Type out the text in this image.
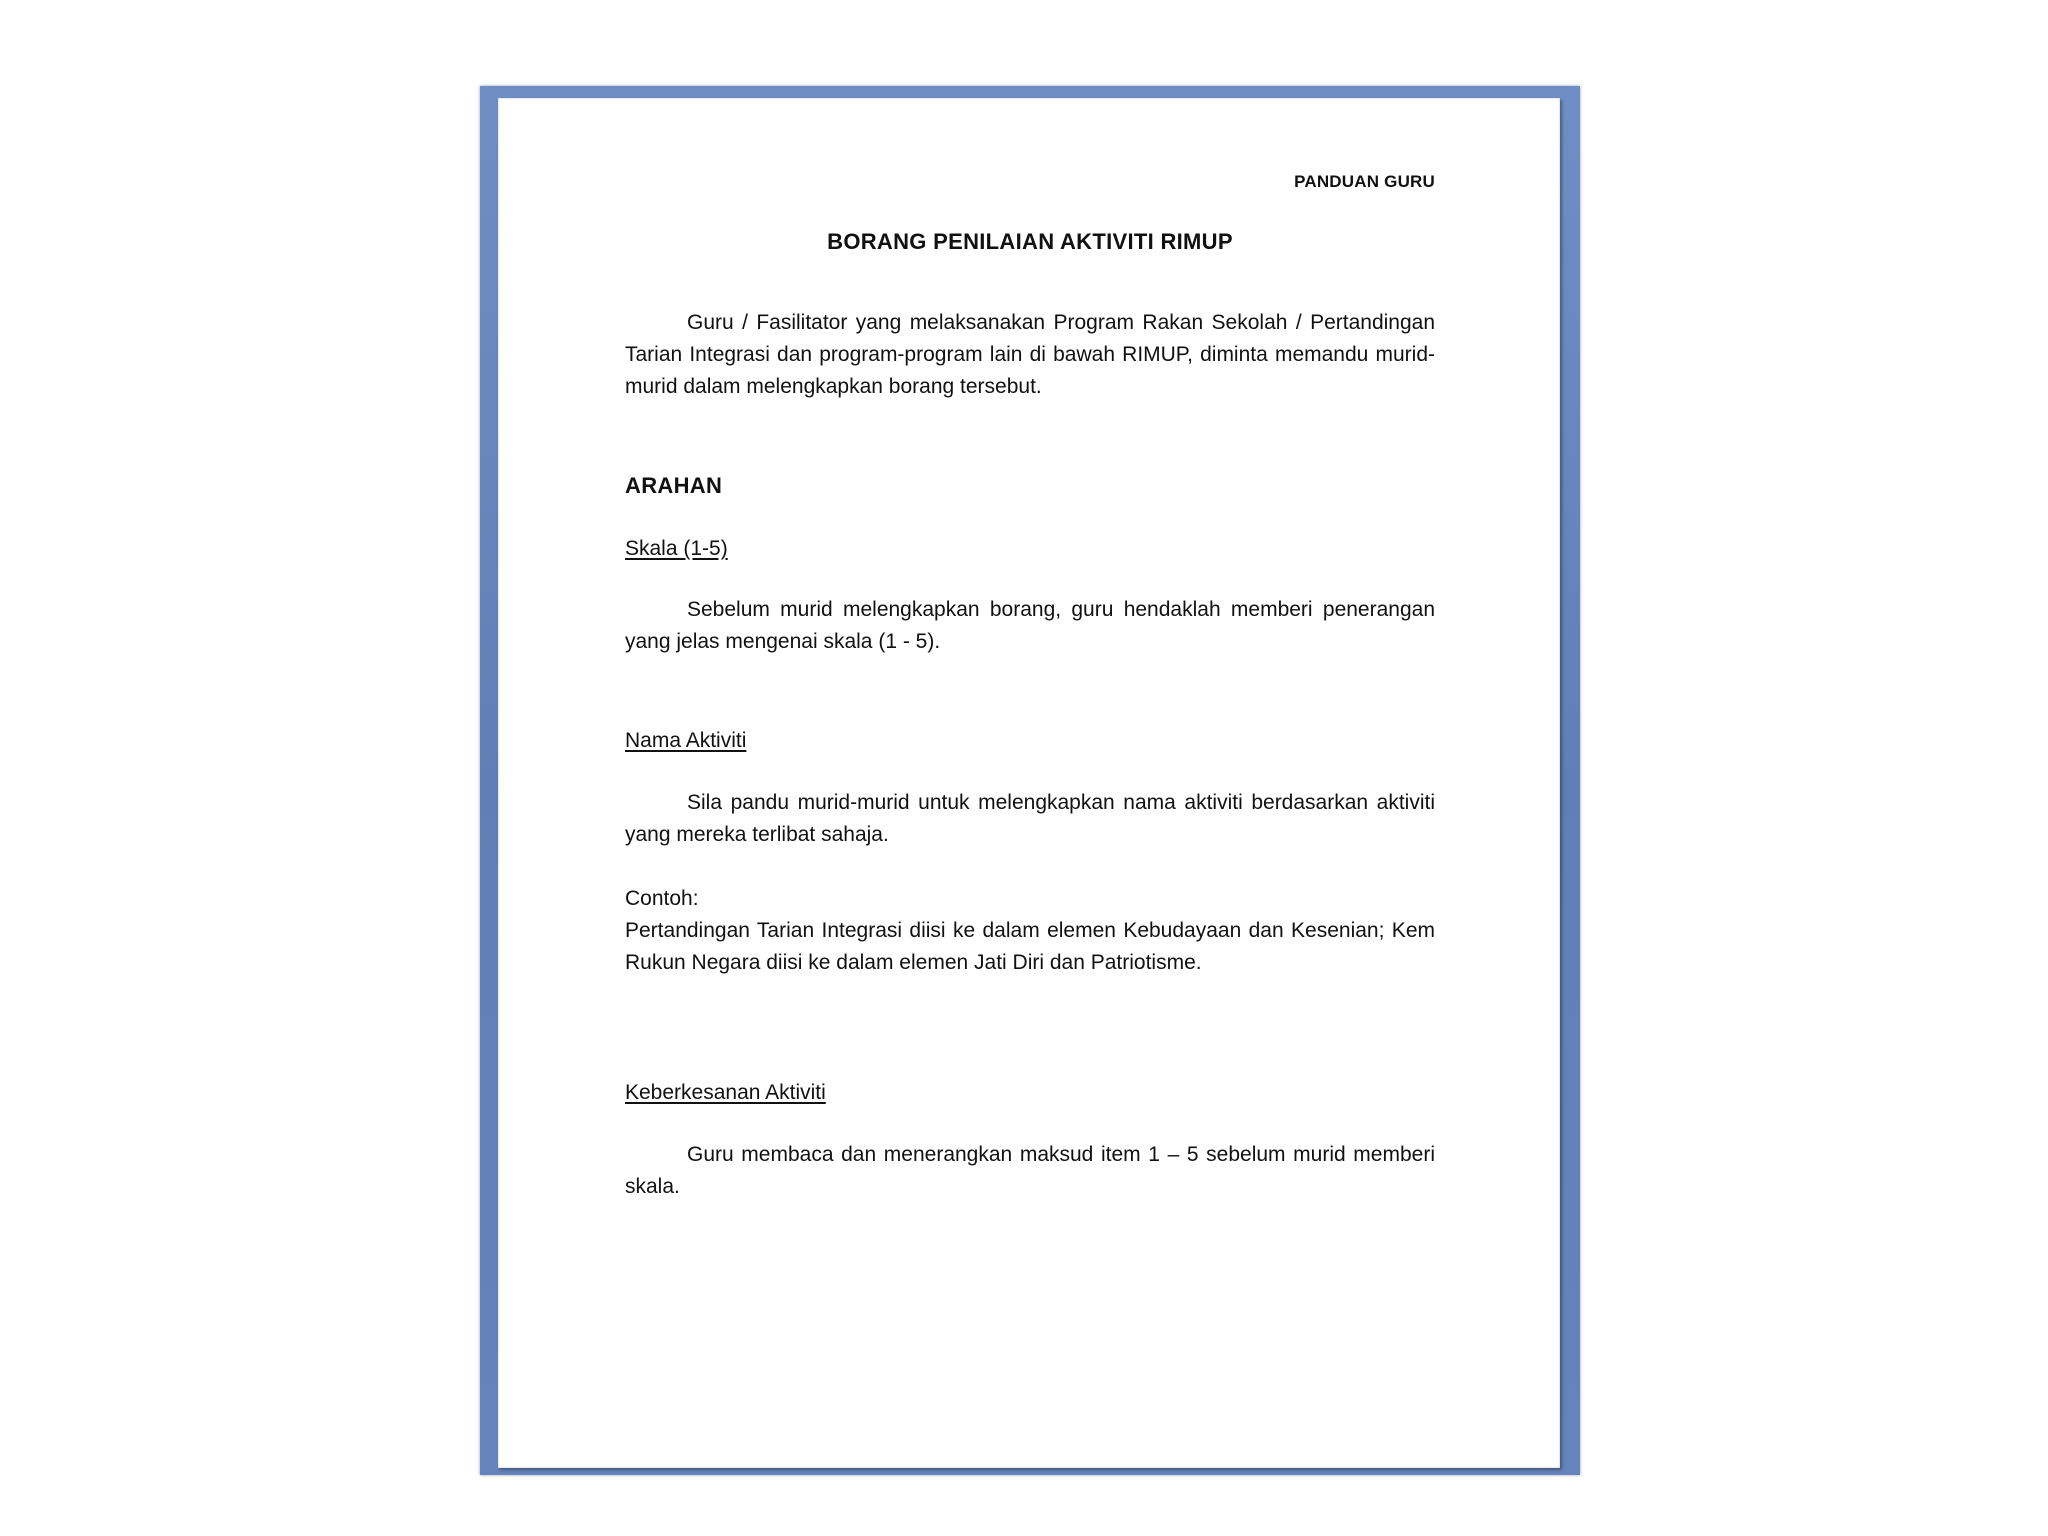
PANDUAN GURU
BORANG PENILAIAN AKTIVITI RIMUP

Guru / Fasilitator yang melaksanakan Program Rakan Sekolah / Pertandingan Tarian Integrasi dan program-program lain di bawah RIMUP, diminta memandu murid-murid dalam melengkapkan borang tersebut.

ARAHAN
Skala (1-5)

Sebelum murid melengkapkan borang, guru hendaklah memberi penerangan yang jelas mengenai skala (1 - 5).

Nama Aktiviti

Sila pandu murid-murid untuk melengkapkan nama aktiviti berdasarkan aktiviti yang mereka terlibat sahaja.

Contoh:

Pertandingan Tarian Integrasi diisi ke dalam elemen Kebudayaan dan Kesenian; Kem Rukun Negara diisi ke dalam elemen Jati Diri dan Patriotisme.

Keberkesanan Aktiviti

Guru membaca dan menerangkan maksud item 1 – 5 sebelum murid memberi skala.
